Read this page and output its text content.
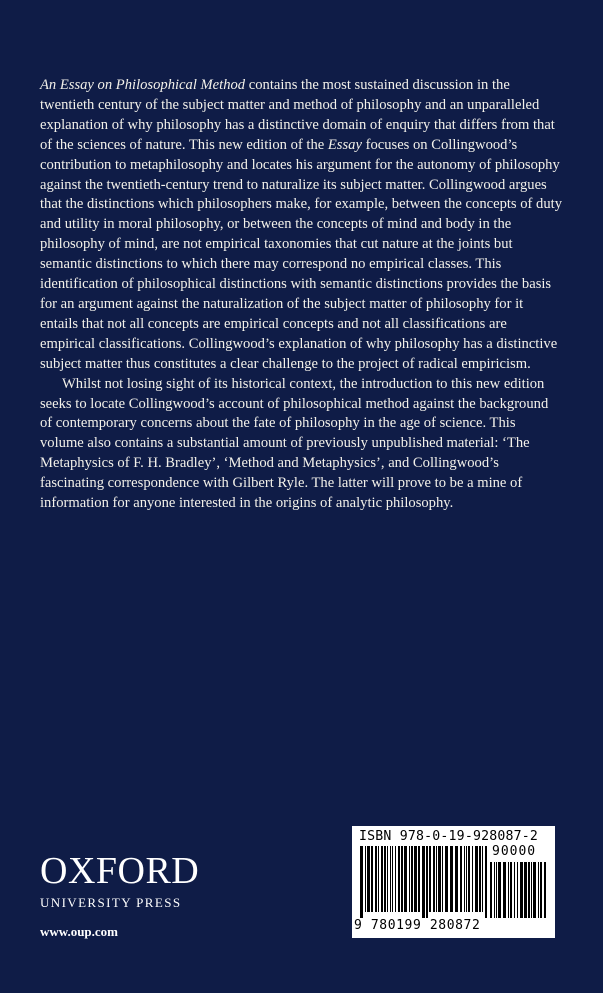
An Essay on Philosophical Method contains the most sustained discussion in the twentieth century of the subject matter and method of philosophy and an unparalleled explanation of why philosophy has a distinctive domain of enquiry that differs from that of the sciences of nature. This new edition of the Essay focuses on Collingwood’s contribution to metaphilosophy and locates his argument for the autonomy of philosophy against the twentieth-century trend to naturalize its subject matter. Collingwood argues that the distinctions which philosophers make, for example, between the concepts of duty and utility in moral philosophy, or between the concepts of mind and body in the philosophy of mind, are not empirical taxonomies that cut nature at the joints but semantic distinctions to which there may correspond no empirical classes. This identification of philosophical distinctions with semantic distinctions provides the basis for an argument against the naturalization of the subject matter of philosophy for it entails that not all concepts are empirical concepts and not all classifications are empirical classifications. Collingwood’s explanation of why philosophy has a distinctive subject matter thus constitutes a clear challenge to the project of radical empiricism.

Whilst not losing sight of its historical context, the introduction to this new edition seeks to locate Collingwood’s account of philosophical method against the background of contemporary concerns about the fate of philosophy in the age of science. This volume also contains a substantial amount of previously unpublished material: ‘The Metaphysics of F. H. Bradley’, ‘Method and Metaphysics’, and Collingwood’s fascinating correspondence with Gilbert Ryle. The latter will prove to be a mine of information for anyone interested in the origins of analytic philosophy.

OXFORD
UNIVERSITY PRESS
www.oup.com
ISBN 978-0-19-928087-2
90000
9 780199 280872
